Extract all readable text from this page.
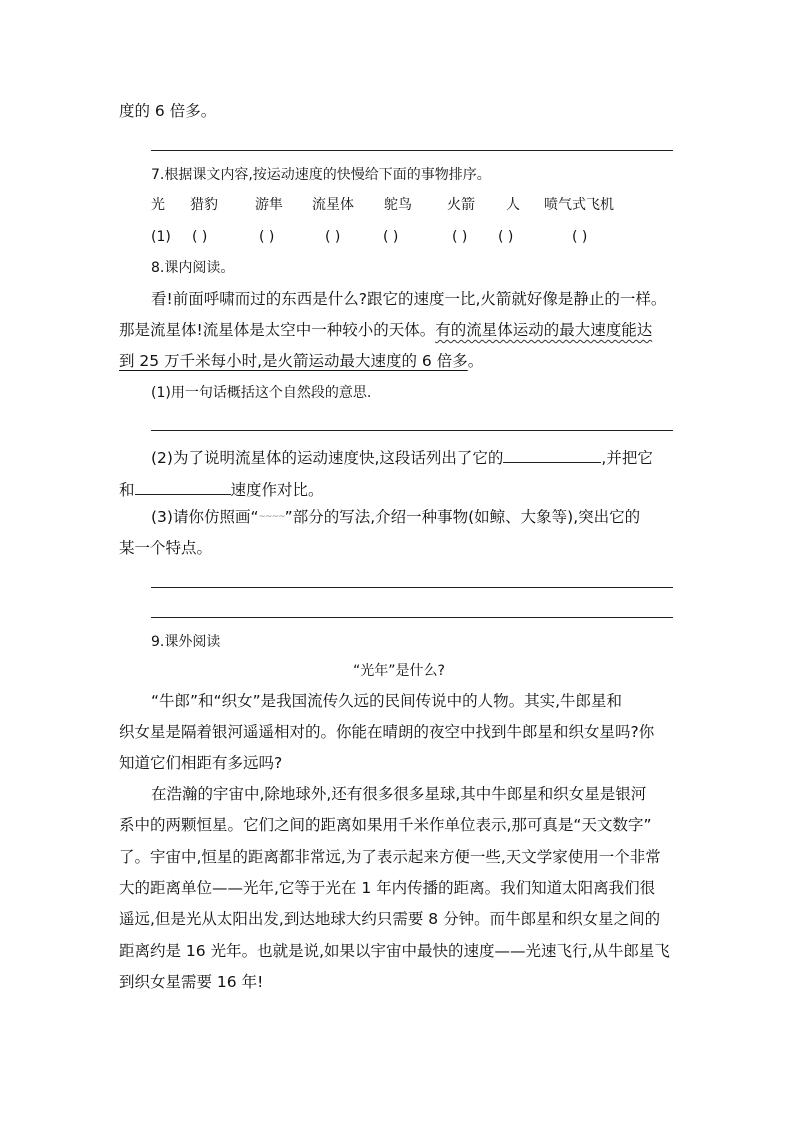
度的 6 倍多。
7.根据课文内容,按运动速度的快慢给下面的事物排序。
光 猎豹	游隼 流星体 鸵鸟	火箭 人 喷气式飞机
(1) ( )	( )	( )	( )	( ) ( )	( )
8.课内阅读。
看!前面呼啸而过的东西是什么?跟它的速度一比,火箭就好像是静止的一样。
那是流星体!流星体是太空中一种较小的天体。有的流星体运动的最大速度能达
到 25 万千米每小时,是火箭运动最大速度的 6 倍多。
(1)用一句话概括这个自然段的意思.
(2)为了说明流星体的运动速度快,这段话列出了它的	,并把它
和	速度作对比。
(3)请你仿照画“~~~~”部分的写法,介绍一种事物(如鲸、大象等),突出它的
某一个特点。
9.课外阅读
“光年”是什么?
“牛郎”和“织女”是我国流传久远的民间传说中的人物。其实,牛郎星和
织女星是隔着银河遥遥相对的。你能在晴朗的夜空中找到牛郎星和织女星吗?你
知道它们相距有多远吗?
在浩瀚的宇宙中,除地球外,还有很多很多星球,其中牛郎星和织女星是银河
系中的两颗恒星。它们之间的距离如果用千米作单位表示,那可真是“天文数字”
了。宇宙中,恒星的距离都非常远,为了表示起来方便一些,天文学家使用一个非常
大的距离单位——光年,它等于光在 1 年内传播的距离。我们知道太阳离我们很
遥远,但是光从太阳出发,到达地球大约只需要 8 分钟。而牛郎星和织女星之间的
距离约是 16 光年。也就是说,如果以宇宙中最快的速度——光速飞行,从牛郎星飞
到织女星需要 16 年!
